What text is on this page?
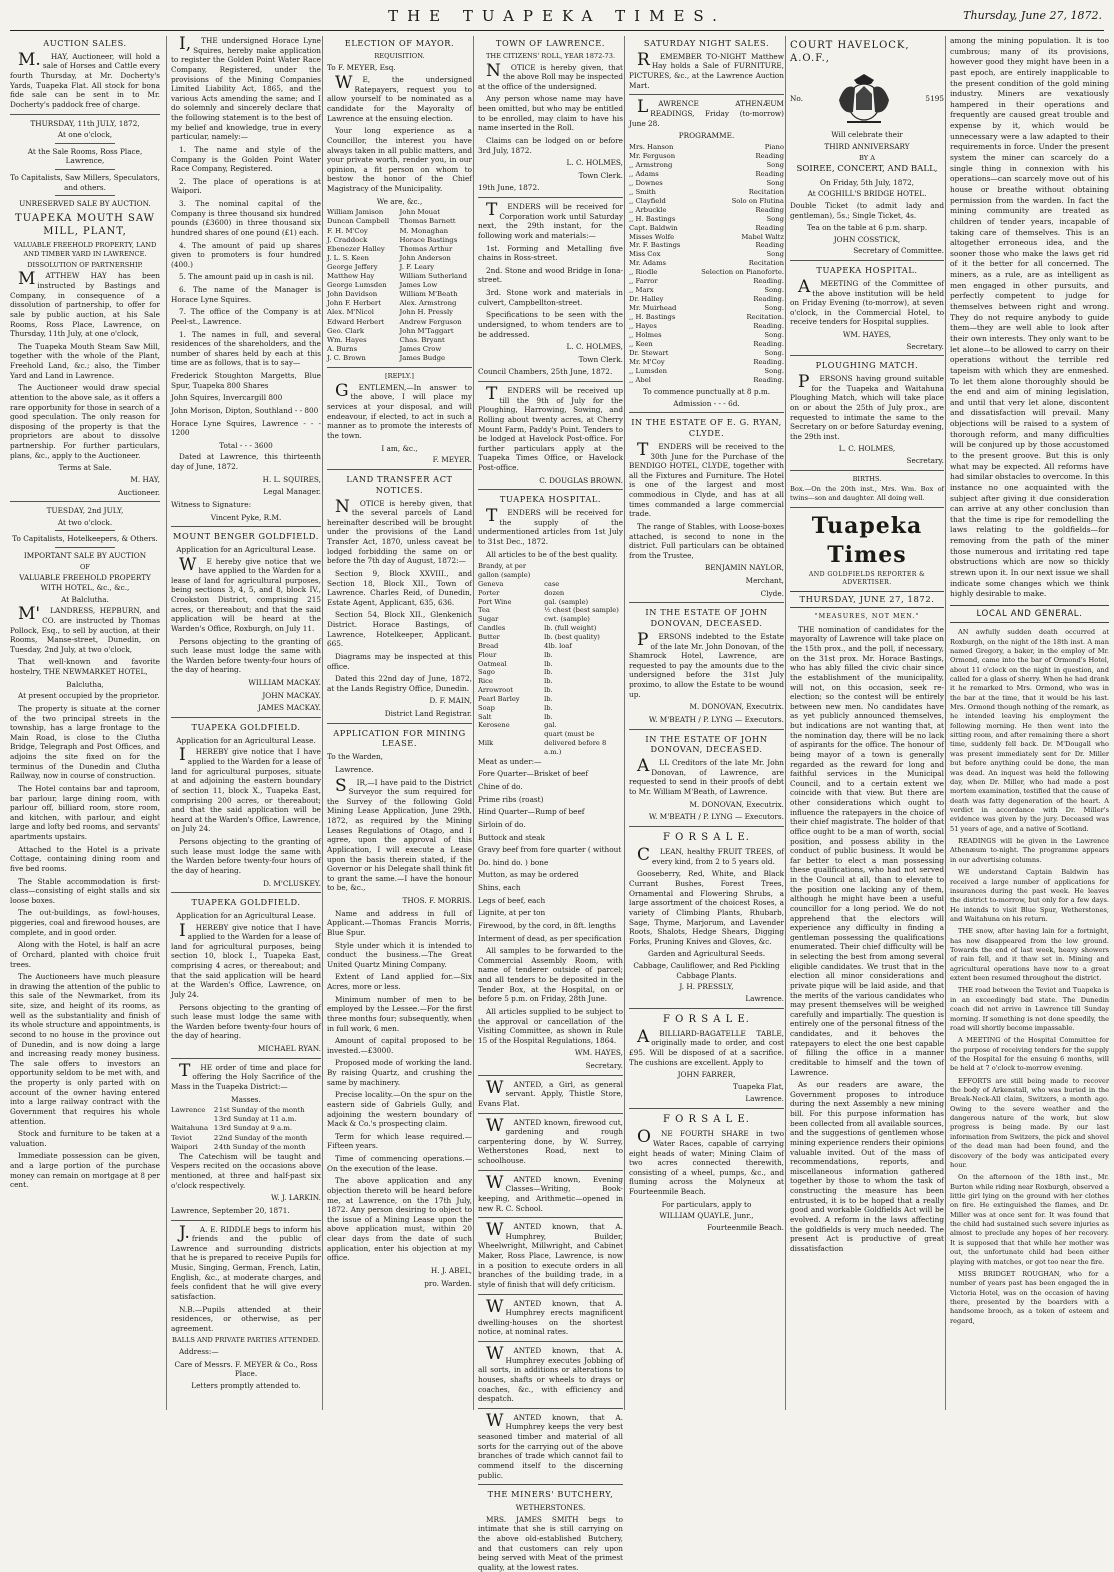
THE TUAPEKA TIMES.	Thursday, June 27, 1872.
AUCTION SALES.

M.HAY, Auctioneer, will hold a sale of Horses and Cattle every fourth Thursday, at Mr. Docherty's Yards, Tuapeka Flat. All stock for bona fide sale can be sent in to Mr. Docherty's paddock free of charge.

THURSDAY, 11th JULY, 1872,
At one o'clock,
At the Sale Rooms, Ross Place, Lawrence,
To Capitalists, Saw Millers, Speculators, and others.
UNRESERVED SALE BY AUCTION.
TUAPEKA MOUTH SAW MILL, PLANT,
VALUABLE FREEHOLD PROPERTY, LAND AND TIMBER YARD IN LAWRENCE.
DISSOLUTION OF PARTNERSHIP.

MATTHEW HAY has been instructed by Bastings and Company, in consequence of a dissolution of partnership, to offer for sale by public auction, at his Sale Rooms, Ross Place, Lawrence, on Thursday, 11th July, at one o'clock,

The Tuapeka Mouth Steam Saw Mill, together with the whole of the Plant, Freehold Land, &c.; also, the Timber Yard and Land in Lawrence.

The Auctioneer would draw special attention to the above sale, as it offers a rare opportunity for those in search of a good speculation. The only reason for disposing of the property is that the proprietors are about to dissolve partnership. For further particulars, plans, &c., apply to the Auctioneer.

Terms at Sale.
M. HAY,
Auctioneer.
TUESDAY, 2nd JULY,
At two o'clock.
To Capitalists, Hotelkeepers, & Others.
IMPORTANT SALE BY AUCTION
OF
VALUABLE FREEHOLD PROPERTY WITH HOTEL, &c., &c.,
At Balclutha.

M'LANDRESS, HEPBURN, and CO. are instructed by Thomas Pollock, Esq., to sell by auction, at their Rooms, Manse-street, Dunedin, on Tuesday, 2nd July, at two o'clock,

That well-known and favorite hostelry, THE NEWMARKET HOTEL,

Balclutha,

At present occupied by the proprietor.

The property is situate at the corner of the two principal streets in the township, has a large frontage to the Main Road, is close to the Clutha Bridge, Telegraph and Post Offices, and adjoins the site fixed on for the terminus of the Dunedin and Clutha Railway, now in course of construction.

The Hotel contains bar and taproom, bar parlour, large dining room, with parlour off, billiard room, store room, and kitchen, with parlour, and eight large and lofty bed rooms, and servants' apartments upstairs.

Attached to the Hotel is a private Cottage, containing dining room and five bed rooms.

The Stable accommodation is first-class—consisting of eight stalls and six loose boxes.

The out-buildings, as fowl-houses, piggeries, coal and firewood houses, are complete, and in good order.

Along with the Hotel, is half an acre of Orchard, planted with choice fruit trees.

The Auctioneers have much pleasure in drawing the attention of the public to this sale of the Newmarket, from its site, size, and height of its rooms, as well as the substantiality and finish of its whole structure and appointments, is second to no house in the province out of Dunedin, and is now doing a large and increasing ready money business. The sale offers to investors an opportunity seldom to be met with, and the property is only parted with on account of the owner having entered into a large railway contract with the Government that requires his whole attention.

Stock and furniture to be taken at a valuation.

Immediate possession can be given, and a large portion of the purchase money can remain on mortgage at 8 per cent.

I,THE undersigned Horace Lyne Squires, hereby make application to register the Golden Point Water Race Company, Registered, under the provisions of the Mining Companies Limited Liability Act, 1865, and the various Acts amending the same; and I do solemnly and sincerely declare that the following statement is to the best of my belief and knowledge, true in every particular, namely:—

1. The name and style of the Company is the Golden Point Water Race Company, Registered.

2. The place of operations is at Waipori.

3. The nominal capital of the Company is three thousand six hundred pounds (£3600) in three thousand six hundred shares of one pound (£1) each.

4. The amount of paid up shares given to promoters is four hundred (400.)

5. The amount paid up in cash is nil.

6. The name of the Manager is Horace Lyne Squires.

7. The office of the Company is at Peel-st., Lawrence.

1. The names in full, and several residences of the shareholders, and the number of shares held by each at this time are as follows, that is to say—

Frederick Stoughton Margetts, Blue Spur, Tuapeka 800 Shares

John Squires, Invercargill 800

John Morison, Dipton, Southland - - 800

Horace Lyne Squires, Lawrence - - - 1200

Total - - - 3600

Dated at Lawrence, this thirteenth day of June, 1872.

H. L. SQUIRES,
Legal Manager.

Witness to Signature:

Vincent Pyke, R.M.
MOUNT BENGER GOLDFIELD.
Application for an Agricultural Lease.

WE hereby give notice that we have applied to the Warden for a lease of land for agricultural purposes, being sections 3, 4, 5, and 8, block IV., Crookston District, comprising 215 acres, or thereabout; and that the said application will be heard at the Warden's Office, Roxburgh, on July 11.

Persons objecting to the granting of such lease must lodge the same with the Warden before twenty-four hours of the day of hearing.

WILLIAM MACKAY.
JOHN MACKAY.
JAMES MACKAY.
TUAPEKA GOLDFIELD.
Application for an Agricultural Lease.

IHEREBY give notice that I have applied to the Warden for a lease of land for agricultural purposes, situate at and adjoining the eastern boundary of section 11, block X., Tuapeka East, comprising 200 acres, or thereabout; and that the said application will be heard at the Warden's Office, Lawrence, on July 24.

Persons objecting to the granting of such lease must lodge the same with the Warden before twenty-four hours of the day of hearing.

D. M'CLUSKEY.
TUAPEKA GOLDFIELD.
Application for an Agricultural Lease.

IHEREBY give notice that I have applied to the Warden for a lease of land for agricultural purposes, being section 10, block I., Tuapeka East, comprising 4 acres, or thereabout; and that the said application will be heard at the Warden's Office, Lawrence, on July 24.

Persons objecting to the granting of such lease must lodge the same with the Warden before twenty-four hours of the day of hearing.

MICHAEL RYAN.

THE order of time and place for offering the Holy Sacrifice of the Mass in the Tuapeka District:—

Masses.
Lawrence	2	1st Sunday of the month
	1	3rd Sunday at 11 a.m.
Waitahuna	1	3rd Sunday at 9 a.m.
Teviot	2	2nd Sunday of the month
Waipori	2	4th Sunday of the month

The Catechism will be taught and Vespers recited on the occasions above mentioned, at three and half-past six o'clock respectively.

W. J. LARKIN.

Lawrence, September 20, 1871.

J.A. E. RIDDLE begs to inform his friends and the public of Lawrence and surrounding districts that he is prepared to receive Pupils for Music, Singing, German, French, Latin, English, &c., at moderate charges, and feels confident that he will give every satisfaction.

N.B.—Pupils attended at their residences, or otherwise, as per agreement.

BALLS AND PRIVATE PARTIES ATTENDED.

Address:—

Care of Messrs. F. MEYER & Co., Ross Place.
Letters promptly attended to.
ELECTION OF MAYOR.
REQUISITION.

To F. MEYER, Esq.

WE, the undersigned Ratepayers, request you to allow yourself to be nominated as a candidate for the Mayoralty of Lawrence at the ensuing election.

Your long experience as a Councillor, the interest you have always taken in all public matters, and your private worth, render you, in our opinion, a fit person on whom to bestow the honor of the Chief Magistracy of the Municipality.

We are, &c.,
William Jamison	John Mouat
Duncan Campbell	Thomas Barnett
F. H. M'Coy	M. Monaghan
J. Craddock	Horace Bastings
Ebenezer Halley	Thomas Arthur
J. L. S. Keen	John Anderson
George Jeffery	J. F. Leary
Matthew Hay	William Sutherland
George Lumsden	James Low
John Davidson	William M'Beath
John F. Herbert	Alex. Armstrong
Alex. M'Nicol	John H. Pressly
Edward Herbert	Andrew Ferguson
Geo. Clark	John M'Taggart
Wm. Hayes	Chas. Bryant
A. Burns	James Crow
J. C. Brown	James Budge
[REPLY.]

GENTLEMEN,—In answer to the above, I will place my services at your disposal, and will endeavour, if elected, to act in such a manner as to promote the interests of the town.

I am, &c.,
F. MEYER.
LAND TRANSFER ACT NOTICES.

NOTICE is hereby given, that the several parcels of Land hereinafter described will be brought under the provisions of the Land Transfer Act, 1870, unless caveat be lodged forbidding the same on or before the 7th day of August, 1872:—

Section 9, Block XXVIII., and Section 18, Block XII., Town of Lawrence. Charles Reid, of Dunedin, Estate Agent, Applicant, 635, 636.

Section 54, Block XII., Glenkenich District. Horace Bastings, of Lawrence, Hotelkeeper, Applicant. 665.

Diagrams may be inspected at this office.

Dated this 22nd day of June, 1872, at the Lands Registry Office, Dunedin.

D. F. MAIN,
District Land Registrar.
APPLICATION FOR MINING LEASE.

To the Warden,

Lawrence.

SIR,—I have paid to the District Surveyor the sum required for the Survey of the following Gold Mining Lease Application, June 29th, 1872, as required by the Mining Leases Regulations of Otago, and I agree, upon the approval of this Application, I will execute a Lease upon the basis therein stated, if the Governor or his Delegate shall think fit to grant the same.—I have the honour to be, &c.,

THOS. F. MORRIS.

Name and address in full of Applicant.—Thomas Francis Morris, Blue Spur.

Style under which it is intended to conduct the business.—The Great United Quartz Mining Company.

Extent of Land applied for.—Six Acres, more or less.

Minimum number of men to be employed by the Lessee.—For the first three months four; subsequently, when in full work, 6 men.

Amount of capital proposed to be invested.—£3000.

Proposed mode of working the land. By raising Quartz, and crushing the same by machinery.

Precise locality.—On the spur on the eastern side of Gabriels Gully, and adjoining the western boundary of Mack & Co.'s prospecting claim.

Term for which lease required.—Fifteen years.

Time of commencing operations.—On the execution of the lease.

The above application and any objection thereto will be heard before me, at Lawrence, on the 17th July, 1872. Any person desiring to object to the issue of a Mining Lease upon the above application must, within 20 clear days from the date of such application, enter his objection at my office.

H. J. ABEL,
pro. Warden.
TOWN OF LAWRENCE.
THE CITIZENS' ROLL, YEAR 1872-73.

NOTICE is hereby given, that the above Roll may be inspected at the office of the undersigned.

Any person whose name may have been omitted, but who may be entitled to be enrolled, may claim to have his name inserted in the Roll.

Claims can be lodged on or before 3rd July, 1872.

L. C. HOLMES,
Town Clerk.

19th June, 1872.

TENDERS will be received for Corporation work until Saturday next, the 29th instant, for the following work and materials:—

1st. Forming and Metalling five chains in Ross-street.

2nd. Stone and wood Bridge in Iona-street.

3rd. Stone work and materials in culvert, Campbellton-street.

Specifications to be seen with the undersigned, to whom tenders are to be addressed.

L. C. HOLMES,
Town Clerk.

Council Chambers, 25th June, 1872.

TENDERS will be received up till the 9th of July for the Ploughing, Harrowing, Sowing, and Rolling about twenty acres, at Cherry Mount Farm, Paddy's Point. Tenders to be lodged at Havelock Post-office. For further particulars apply at the Tuapeka Times Office, or Havelock Post-office.

C. DOUGLAS BROWN.
TUAPEKA HOSPITAL.

TENDERS will be received for the supply of the undermentioned articles from 1st July to 31st Dec., 1872.

All articles to be of the best quality.

Brandy, at per gallon (sample)	
Geneva	case
Porter	dozen
Port Wine	gal. (sample)
Tea	½ chest (best sample)
Sugar	cwt. (sample)
Candles	lb. (full weight)
Butter	lb. (best quality)
Bread	4lb. loaf
Flour	lb.
Oatmeal	lb.
Sago	lb.
Rice	lb.
Arrowroot	lb.
Pearl Barley	lb.
Soap	lb.
Salt	lb.
Kerosene	gal.
Milk	quart (must be delivered before 8 a.m.)

Meat as under:—

Fore Quarter—Brisket of beef

Chine of do.

Prime ribs (roast)

Hind Quarter—Rump of beef

Sirloin of do.

Buttock and steak

Gravy beef from fore quarter ( without

Do. hind do. ) bone

Mutton, as may be ordered

Shins, each

Legs of beef, each

Lignite, at per ton

Firewood, by the cord, in 8ft. lengths

Interment of dead, as per specification

All samples to be forwarded to the Commercial Assembly Room, with name of tenderer outside of parcel; and all tenders to be deposited in the Tender Box, at the Hospital, on or before 5 p.m. on Friday, 28th June.

All articles supplied to be subject to the approval or cancellation of the Visiting Committee, as shown in Rule 15 of the Hospital Regulations, 1864.

WM. HAYES,
Secretary.

WANTED, a Girl, as general servant. Apply, Thistle Store, Evans Flat.

WANTED known, firewood cut, gardening and rough carpentering done, by W. Surrey, Wetherstones Road, next to schoolhouse.

WANTED known, Evening Classes—Writing, Book-keeping, and Arithmetic—opened in new R. C. School.

WANTED known, that A. Humphrey, Builder, Wheelwright, Millwright, and Cabinet Maker, Ross Place, Lawrence, is now in a position to execute orders in all branches of the building trade, in a style of finish that will defy criticism.

WANTED known, that A. Humphrey erects magnificent dwelling-houses on the shortest notice, at nominal rates.

WANTED known, that A. Humphrey executes Jobbing of all sorts, in additions or alterations to houses, shafts or wheels to drays or coaches, &c., with efficiency and despatch.

WANTED known, that A. Humphrey keeps the very best seasoned timber and material of all sorts for the carrying out of the above branches of trade which cannot fail to commend itself to the discerning public.

THE MINERS' BUTCHERY,
WETHERSTONES.

MRS. JAMES SMITH begs to intimate that she is still carrying on the above old-established Butchery, and that customers can rely upon being served with Meat of the primest quality, at the lowest rates.

SATURDAY NIGHT SALES.

REMEMBER TO-NIGHT Matthew Hay holds a Sale of FURNITURE, PICTURES, &c., at the Lawrence Auction Mart.

LAWRENCE ATHENÆUM READINGS, Friday (to-morrow) June 28.

PROGRAMME.
Mrs. Hanson	Piano
Mr. Ferguson	Reading
,, Armstrong	Song
,, Adams	Reading
,, Downes	Song
,, Smith	Recitation
,, Clayfield	Solo on Flutina
,, Arbuckle	Reading
,, H. Bastings	Song
Capt. Baldwin	Reading
Misses Wolfe	Mabel Waltz
Mr. F. Bastings	Reading
Miss Cox	Song
Mr. Adams	Recitation
,, Riodle	Selection on Pianoforte.
,, Farror	Reading.
,, Marx	Song.
Dr. Halley	Reading.
Mr. Muirhead	Song.
,, H. Bastings	Recitation.
,, Hayes	Reading.
,, Holmes	Song.
,, Keen	Reading.
Dr. Stewart	Song.
Mr. M'Coy	Reading.
,, Lumsden	Song.
,, Abel	Reading.
To commence punctually at 8 p.m.
Admission - - - 6d.
IN THE ESTATE OF E. G. RYAN, CLYDE.

TENDERS will be received to the 30th June for the Purchase of the BENDIGO HOTEL, CLYDE, together with all the Fixtures and Furniture. The Hotel is one of the largest and most commodious in Clyde, and has at all times commanded a large commercial trade.

The range of Stables, with Loose-boxes attached, is second to none in the district. Full particulars can be obtained from the Trustee,

BENJAMIN NAYLOR,
Merchant,
Clyde.
IN THE ESTATE OF JOHN DONOVAN, DECEASED.

PERSONS indebted to the Estate of the late Mr. John Donovan, of the Shamrock Hotel, Lawrence, are requested to pay the amounts due to the undersigned before the 31st July proximo, to allow the Estate to be wound up.

M. DONOVAN, Executrix.
W. M'BEATH / P. LYNG — Executors.
IN THE ESTATE OF JOHN DONOVAN, DECEASED.

ALL Creditors of the late Mr. John Donovan, of Lawrence, are requested to send in their proofs of debt to Mr. William M'Beath, of Lawrence.

M. DONOVAN, Executrix.
W. M'BEATH / P. LYNG — Executors.
F O R S A L E.

CLEAN, healthy FRUIT TREES, of every kind, from 2 to 5 years old.

Gooseberry, Red, White, and Black Currant Bushes, Forest Trees, Ornamental and Flowering Shrubs, a large assortment of the choicest Roses, a variety of Climbing Plants, Rhubarb, Sage, Thyme, Marjorum, and Lavender Roots, Shalots, Hedge Shears, Digging Forks, Pruning Knives and Gloves, &c.

Garden and Agricultural Seeds.
Cabbage, Cauliflower, and Red Pickling Cabbage Plants.
J. H. PRESSLY,
Lawrence.
F O R S A L E.

ABILLIARD-BAGATELLE TABLE, originally made to order, and cost £95. Will be disposed of at a sacrifice. The cushions are excellent. Apply to

JOHN FARRER,
Tuapeka Flat,
Lawrence.
F O R S A L E.

ONE FOURTH SHARE in two Water Races, capable of carrying eight heads of water; Mining Claim of two acres connected therewith, consisting of a wheel, pumps, &c., and fluming across the Molyneux at Fourteenmile Beach.

For particulars, apply to
WILLIAM QUAYLE, Junr.,
Fourteenmile Beach.
COURT HAVELOCK, A.O.F.,
No.	5195
Will celebrate their
THIRD ANNIVERSARY
BY A
SOIREE, CONCERT, AND BALL,
On Friday, 5th July, 1872,
At COGHILL'S BRIDGE HOTEL.

Double Ticket (to admit lady and gentleman), 5s.; Single Ticket, 4s.

Tea on the table at 6 p.m. sharp.
JOHN COSSTICK,
Secretary of Committee.
TUAPEKA HOSPITAL.

AMEETING of the Committee of the above institution will be held on Friday Evening (to-morrow), at seven o'clock, in the Commercial Hotel, to receive tenders for Hospital supplies.

WM. HAYES,
Secretary.
PLOUGHING MATCH.

PERSONS having ground suitable for the Tuapeka and Waitahuna Ploughing Match, which will take place on or about the 25th of July prox., are requested to intimate the same to the Secretary on or before Saturday evening, the 29th inst.

L. C. HOLMES,
Secretary.
BIRTHS.

Box.—On the 20th inst., Mrs. Wm. Box of twins—son and daughter. All doing well.

Tuapeka Times
AND GOLDFIELDS REPORTER & ADVERTISER.
THURSDAY, JUNE 27, 1872.
"MEASURES, NOT MEN."

THE nomination of candidates for the mayoralty of Lawrence will take place on the 15th prox., and the poll, if necessary, on the 31st prox. Mr. Horace Bastings, who has ably filled the civic chair since the establishment of the municipality, will not, on this occasion, seek re-election; so the contest will be entirely between new men. No candidates have as yet publicly announced themselves, but indications are not wanting that, at the nomination day, there will be no lack of aspirants for the office. The honour of being mayor of a town is generally regarded as the reward for long and faithful services in the Municipal Council, and to a certain extent we coincide with that view. But there are other considerations which ought to influence the ratepayers in the choice of their chief magistrate. The holder of that office ought to be a man of worth, social position, and possess ability in the conduct of public business. It would be far better to elect a man possessing these qualifications, who had not served in the Council at all, than to elevate to the position one lacking any of them, although he might have been a useful councillor for a long period. We do not apprehend that the electors will experience any difficulty in finding a gentleman possessing the qualifications enumerated. Their chief difficulty will be in selecting the best from among several eligible candidates. We trust that in the election all minor considerations and private pique will be laid aside, and that the merits of the various candidates who may present themselves will be weighed carefully and impartially. The question is entirely one of the personal fitness of the candidates, and it behoves the ratepayers to elect the one best capable of filling the office in a manner creditable to himself and the town of Lawrence.

As our readers are aware, the Government proposes to introduce during the next Assembly a new mining bill. For this purpose information has been collected from all available sources, and the suggestions of gentlemen whose mining experience renders their opinions valuable invited. Out of the mass of recommendations, reports, and miscellaneous information gathered together by those to whom the task of constructing the measure has been entrusted, it is to be hoped that a really good and workable Goldfields Act will be evolved. A reform in the laws affecting the goldfields is very much needed. The present Act is productive of great dissatisfaction

among the mining population. It is too cumbrous; many of its provisions, however good they might have been in a past epoch, are entirely inapplicable to the present condition of the gold mining industry. Miners are vexatiously hampered in their operations and frequently are caused great trouble and expense by it, which would be unnecessary were a law adapted to their requirements in force. Under the present system the miner can scarcely do a single thing in connexion with his operations—can scarcely move out of his house or breathe without obtaining permission from the warden. In fact the mining community are treated as children of tender years, incapable of taking care of themselves. This is an altogether erroneous idea, and the sooner those who make the laws get rid of it the better for all concerned. The miners, as a rule, are as intelligent as men engaged in other pursuits, and perfectly competent to judge for themselves between right and wrong. They do not require anybody to guide them—they are well able to look after their own interests. They only want to be let alone—to be allowed to carry on their operations without the terrible red tapeism with which they are enmeshed. To let them alone thoroughly should be the end and aim of mining legislation, and until that very let alone, discontent and dissatisfaction will prevail. Many objections will be raised to a system of thorough reform, and many difficulties will be conjured up by those accustomed to the present groove. But this is only what may be expected. All reforms have had similar obstacles to overcome. In this instance no one acquainted with the subject after giving it due consideration can arrive at any other conclusion than that the time is ripe for remodelling the laws relating to the goldfields—for removing from the path of the miner those numerous and irritating red tape obstructions which are now so thickly strewn upon it. In our next issue we shall indicate some changes which we think highly desirable to make.

LOCAL AND GENERAL.

AN awfully sudden death occurred at Roxburgh, on the night of the 18th inst. A man named Gregory, a baker, in the employ of Mr. Ormond, came into the bar of Ormond's Hotel, about 11 o'clock on the night in question, and called for a glass of sherry. When he had drank it he remarked to Mrs. Ormond, who was in the bar at the time, that it would be his last. Mrs. Ormond though nothing of the remark, as he intended leaving his employment the following morning. He then went into the sitting room, and after remaining there a short time, suddenly fell back. Dr. M'Dougall who was present immediately sent for Dr. Miller but before anything could be done, the man was dead. An inquest was held the following day, when Dr. Miller, who had made a post mortem examination, testified that the cause of death was fatty degeneration of the heart. A verdict in accordance with Dr. Miller's evidence was given by the jury. Deceased was 51 years of age, and a native of Scotland.

READINGS will be given in the Lawrence Athenæum to-night. The programme appears in our advertising columns.

WE understand Captain Baldwin has received a large number of applications for insurances during the past week. He leaves the district to-morrow, but only for a few days. He intends to visit Blue Spur, Wetherstones, and Waitahuna on his return.

THE snow, after having lain for a fortnight, has now disappeared from the low ground. Towards the end of last week, heavy showers of rain fell, and it thaw set in. Mining and agricultural operations have now to a great extent been resumed throughout the district.

THE road between the Teviot and Tuapeka is in an exceedingly bad state. The Dunedin coach did not arrive in Lawrence till Sunday morning. If something is not done speedily, the road will shortly become impassable.

A MEETING of the Hospital Committee for the purpose of receiving tenders for the supply of the Hospital for the ensuing 6 months, will be held at 7 o'clock to-morrow evening.

EFFORTS are still being made to recover the body of Arkenstall, who was buried in the Break-Neck-All claim, Switzers, a month ago. Owing to the severe weather and the dangerous nature of the work, but slow progress is being made. By our last information from Switzers, the pick and shovel of the dead man had been found, and the discovery of the body was anticipated every hour.

On the afternoon of the 18th inst., Mr. Burton while riding near Roxburgh, observed a little girl lying on the ground with her clothes on fire. He extinguished the flames, and Dr. Miller was at once sent for. It was found that the child had sustained such severe injuries as almost to preclude any hopes of her recovery. It is supposed that that while her mother was out, the unfortunate child had been either playing with matches, or got too near the fire.

MISS BRIDGET ROUGHAN, who for a number of years past has been engaged the in Victoria Hotel, was on the occasion of having there, presented by the boarders with a handsome brooch, as a token of esteem and regard,
